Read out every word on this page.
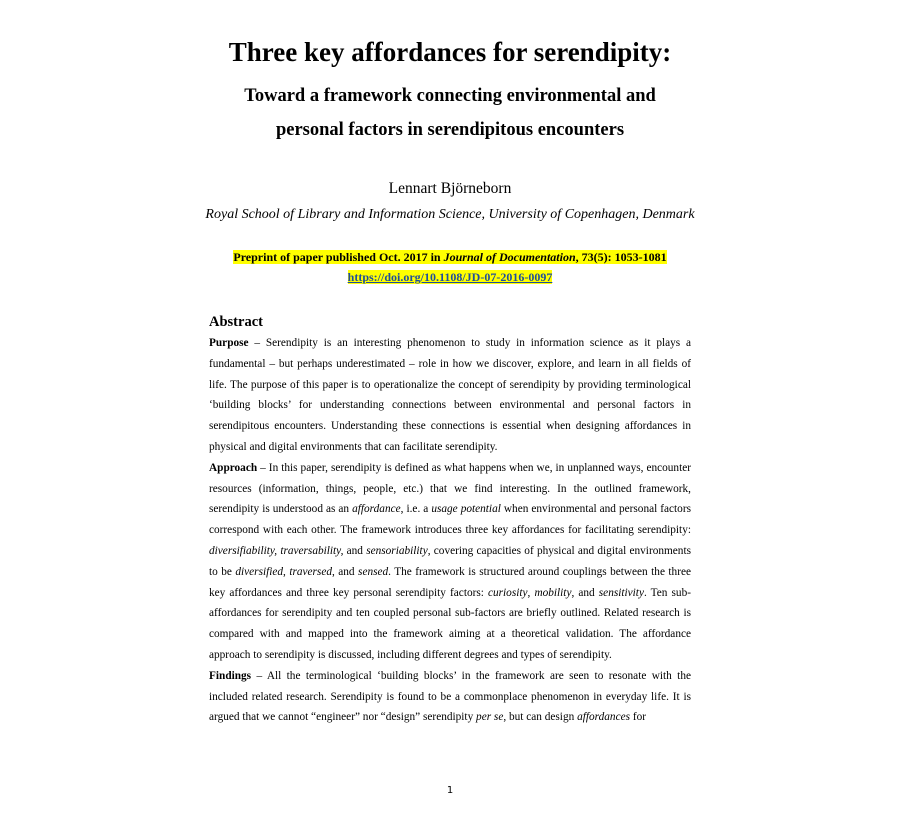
Three key affordances for serendipity:
Toward a framework connecting environmental and
personal factors in serendipitous encounters
Lennart Björneborn
Royal School of Library and Information Science, University of Copenhagen, Denmark
Preprint of paper published Oct. 2017 in Journal of Documentation, 73(5): 1053-1081
https://doi.org/10.1108/JD-07-2016-0097
Abstract

Purpose – Serendipity is an interesting phenomenon to study in information science as it plays a fundamental – but perhaps underestimated – role in how we discover, explore, and learn in all fields of life. The purpose of this paper is to operationalize the concept of serendipity by providing terminological ‘building blocks’ for understanding connections between environmental and personal factors in serendipitous encounters. Understanding these connections is essential when designing affordances in physical and digital environments that can facilitate serendipity.

Approach – In this paper, serendipity is defined as what happens when we, in unplanned ways, encounter resources (information, things, people, etc.) that we find interesting. In the outlined framework, serendipity is understood as an affordance, i.e. a usage potential when environmental and personal factors correspond with each other. The framework introduces three key affordances for facilitating serendipity: diversifiability, traversability, and sensoriability, covering capacities of physical and digital environments to be diversified, traversed, and sensed. The framework is structured around couplings between the three key affordances and three key personal serendipity factors: curiosity, mobility, and sensitivity. Ten sub-affordances for serendipity and ten coupled personal sub-factors are briefly outlined. Related research is compared with and mapped into the framework aiming at a theoretical validation. The affordance approach to serendipity is discussed, including different degrees and types of serendipity.

Findings – All the terminological ‘building blocks’ in the framework are seen to resonate with the included related research. Serendipity is found to be a commonplace phenomenon in everyday life. It is argued that we cannot “engineer” nor “design” serendipity per se, but can design affordances for

1
